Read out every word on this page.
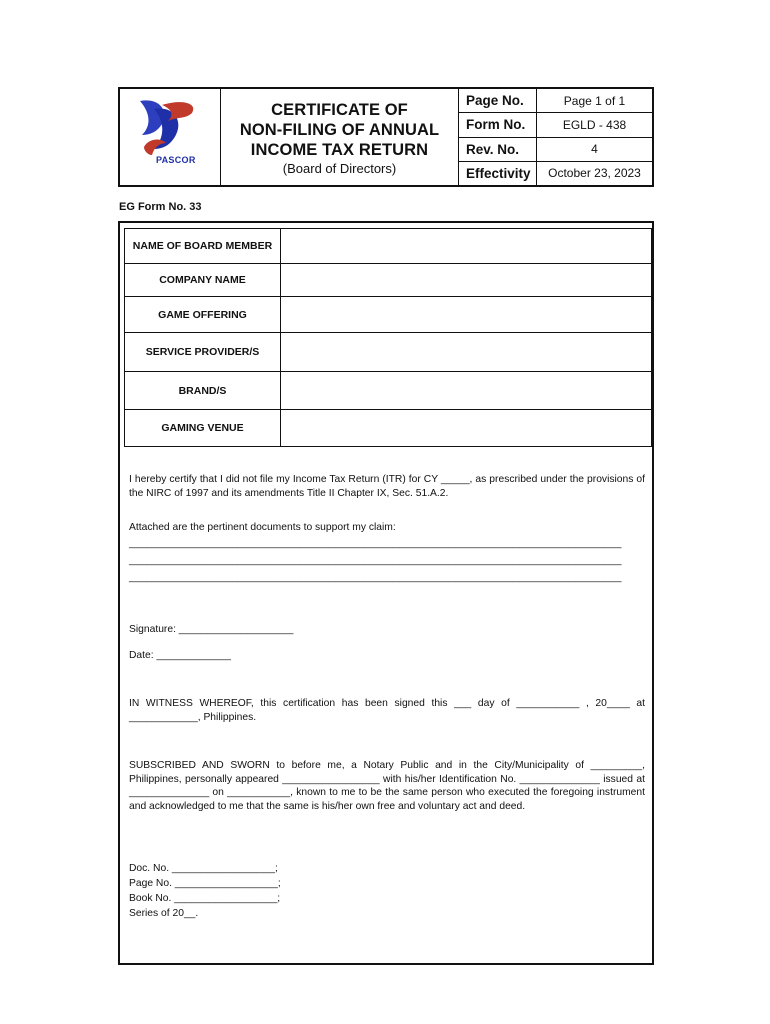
PASCOR
CERTIFICATE OF
NON-FILING OF ANNUAL
INCOME TAX RETURN
(Board of Directors)
Page No.	Page 1 of 1
Form No.	EGLD - 438
Rev. No.	4
Effectivity	October 23, 2023
EG Form No. 33
NAME OF BOARD MEMBER	
COMPANY NAME	
GAME OFFERING	
SERVICE PROVIDER/S	
BRAND/S	
GAMING VENUE	
I hereby certify that I did not file my Income Tax Return (ITR) for CY _____, as prescribed under the provisions of the NIRC of 1997 and its amendments Title II Chapter IX, Sec. 51.A.2.
Attached are the pertinent documents to support my claim:
______________________________________________________________________________________
______________________________________________________________________________________
______________________________________________________________________________________
Signature: ____________________
Date: _____________
IN WITNESS WHEREOF, this certification has been signed this ___ day of ___________ , 20____ at ____________, Philippines.
SUBSCRIBED AND SWORN to before me, a Notary Public and in the City/Municipality of _________, Philippines, personally appeared _________________ with his/her Identification No. ______________ issued at ______________ on ___________, known to me to be the same person who executed the foregoing instrument and acknowledged to me that the same is his/her own free and voluntary act and deed.
Doc. No. __________________;
Page No. __________________;
Book No. __________________;
Series of 20__.
